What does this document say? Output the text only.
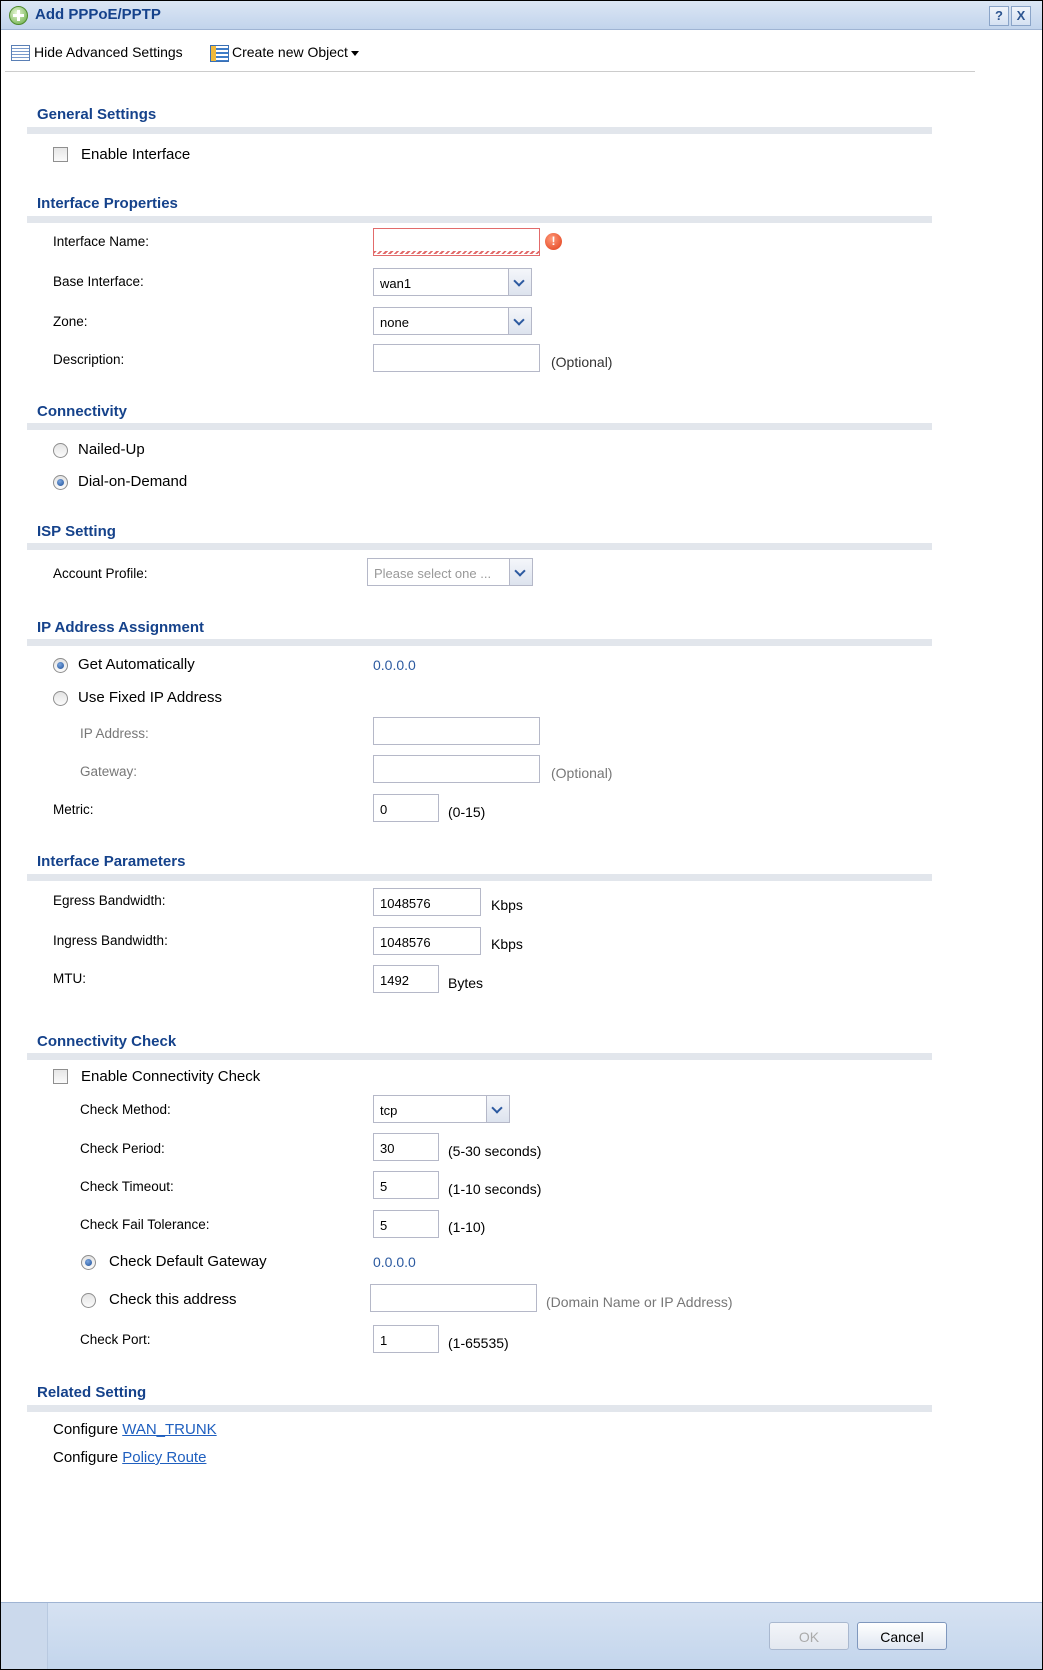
Add PPPoE/PPTP	?	X
Hide Advanced Settings	Create new Object
General Settings
Enable Interface
Interface Properties
Interface Name:	!
Base Interface:	wan1
Zone:	none
Description:	(Optional)
Connectivity
Nailed-Up
Dial-on-Demand
ISP Setting
Account Profile:	Please select one ...
IP Address Assignment
Get Automatically	0.0.0.0
Use Fixed IP Address
IP Address:
Gateway:	(Optional)
Metric:	0	(0-15)
Interface Parameters
Egress Bandwidth:	1048576	Kbps
Ingress Bandwidth:	1048576	Kbps
MTU:	1492	Bytes
Connectivity Check
Enable Connectivity Check
Check Method:	tcp
Check Period:	30	(5-30 seconds)
Check Timeout:	5	(1-10 seconds)
Check Fail Tolerance:	5	(1-10)
Check Default Gateway	0.0.0.0
Check this address	(Domain Name or IP Address)
Check Port:	1	(1-65535)
Related Setting
Configure WAN_TRUNK
Configure Policy Route
OK	Cancel
